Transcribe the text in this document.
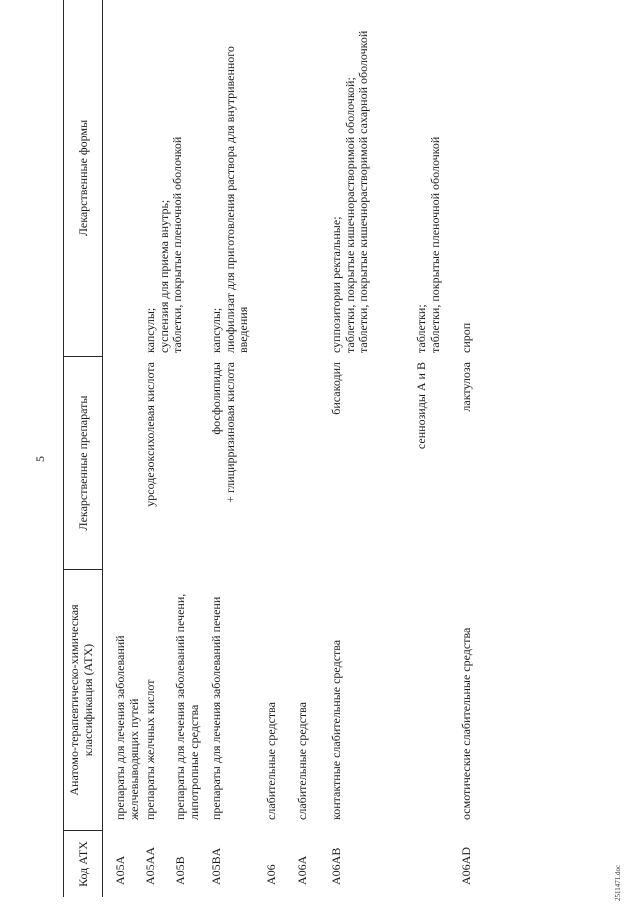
5
Код АТХ
Анатомо-терапевтическо-химическая классификация (АТХ)
Лекарственные препараты
Лекарственные формы
A05A
препараты для лечения заболеваний желчевыводящих путей
A05AA
препараты желчных кислот
урсодезоксихолевая кислота
капсулы;
суспензия для приема внутрь;
таблетки, покрытые пленочной оболочкой
A05B
препараты для лечения заболеваний печени, липотропные средства
A05BA
препараты для лечения заболеваний печени
фосфолипиды
+ глицирризиновая кислота
капсулы;
лиофилизат для приготовления раствора для внутривенного введения
A06
слабительные средства
A06A
слабительные средства
A06AB
контактные слабительные средства
бисакодил
суппозитории ректальные;
таблетки, покрытые кишечнорастворимой оболочкой;
таблетки, покрытые кишечнорастворимой сахарной оболочкой
сеннозиды А и В
таблетки;
таблетки, покрытые пленочной оболочкой
A06AD
осмотические слабительные средства
лактулоза
сироп
2511471.doc
